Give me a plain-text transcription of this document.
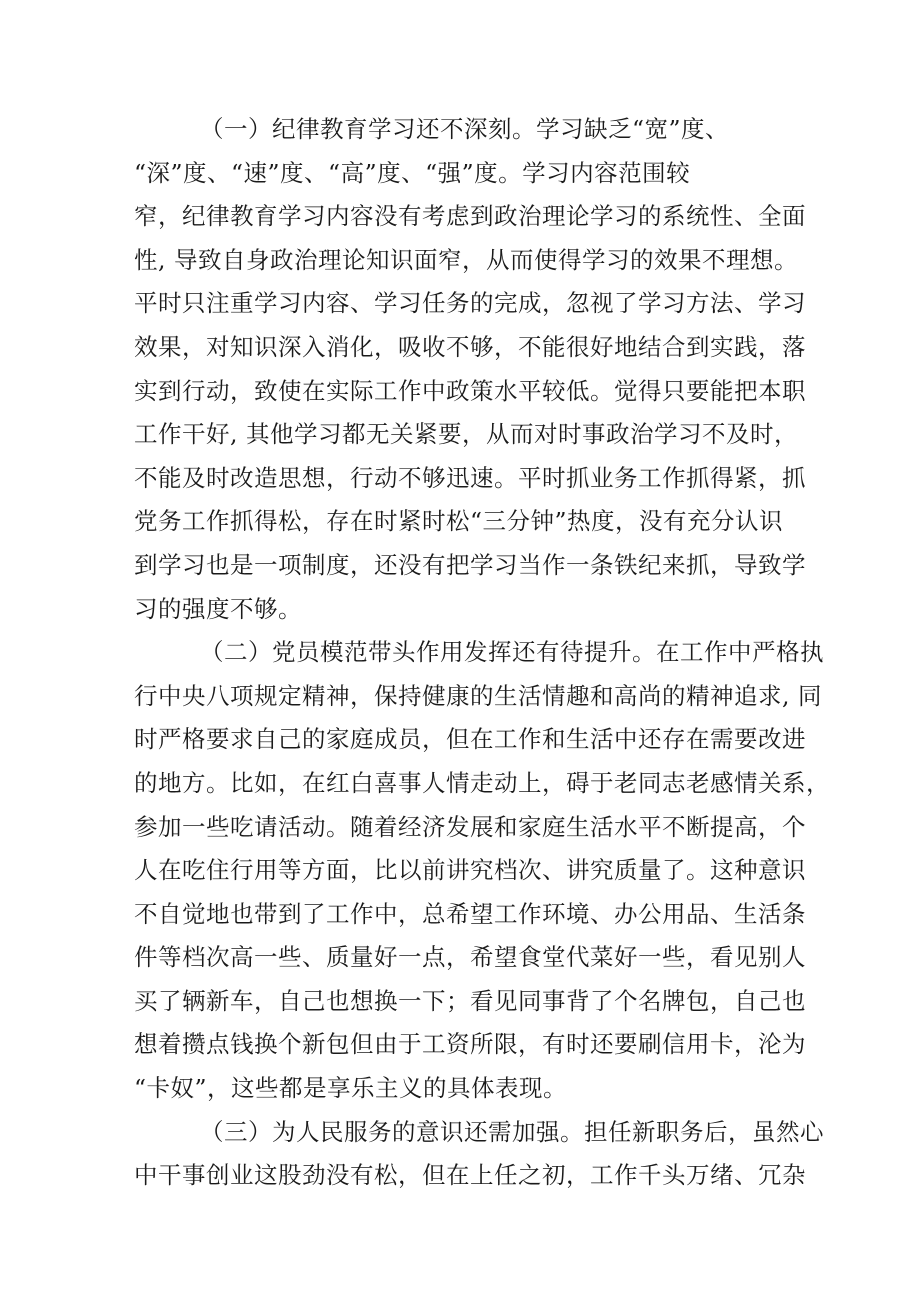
（一）纪律教育学习还不深刻。学习缺乏“宽”度、
“深”度、“速”度、“高”度、“强”度。学习内容范围较
窄，纪律教育学习内容没有考虑到政治理论学习的系统性、全面
性, 导致自身政治理论知识面窄，从而使得学习的效果不理想。
平时只注重学习内容、学习任务的完成，忽视了学习方法、学习
效果，对知识深入消化，吸收不够，不能很好地结合到实践，落
实到行动，致使在实际工作中政策水平较低。觉得只要能把本职
工作干好, 其他学习都无关紧要，从而对时事政治学习不及时，
不能及时改造思想，行动不够迅速。平时抓业务工作抓得紧，抓
党务工作抓得松，存在时紧时松“三分钟”热度，没有充分认识
到学习也是一项制度，还没有把学习当作一条铁纪来抓，导致学
习的强度不够。
（二）党员模范带头作用发挥还有待提升。在工作中严格执
行中央八项规定精神，保持健康的生活情趣和高尚的精神追求, 同
时严格要求自己的家庭成员，但在工作和生活中还存在需要改进
的地方。比如，在红白喜事人情走动上，碍于老同志老感情关系，
参加一些吃请活动。随着经济发展和家庭生活水平不断提高，个
人在吃住行用等方面，比以前讲究档次、讲究质量了。这种意识
不自觉地也带到了工作中，总希望工作环境、办公用品、生活条
件等档次高一些、质量好一点，希望食堂代菜好一些，看见别人
买了辆新车，自己也想换一下；看见同事背了个名牌包，自己也
想着攒点钱换个新包但由于工资所限，有时还要刷信用卡，沦为
“卡奴”，这些都是享乐主义的具体表现。
（三）为人民服务的意识还需加强。担任新职务后，虽然心
中干事创业这股劲没有松，但在上任之初，工作千头万绪、冗杂
